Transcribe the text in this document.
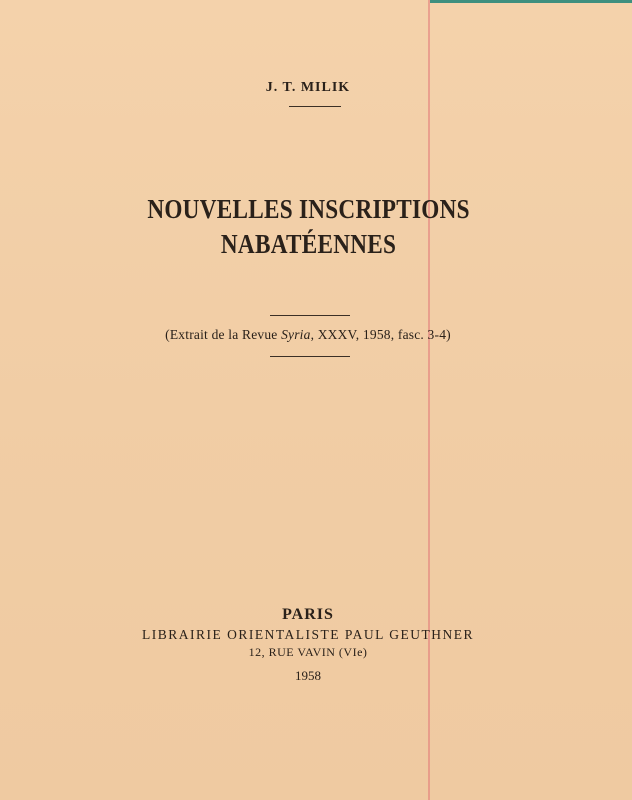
J. T. MILIK
NOUVELLES INSCRIPTIONS
NABATÉENNES
(Extrait de la Revue Syria, XXXV, 1958, fasc. 3-4)
PARIS
LIBRAIRIE ORIENTALISTE PAUL GEUTHNER
12, RUE VAVIN (VIe)
1958
